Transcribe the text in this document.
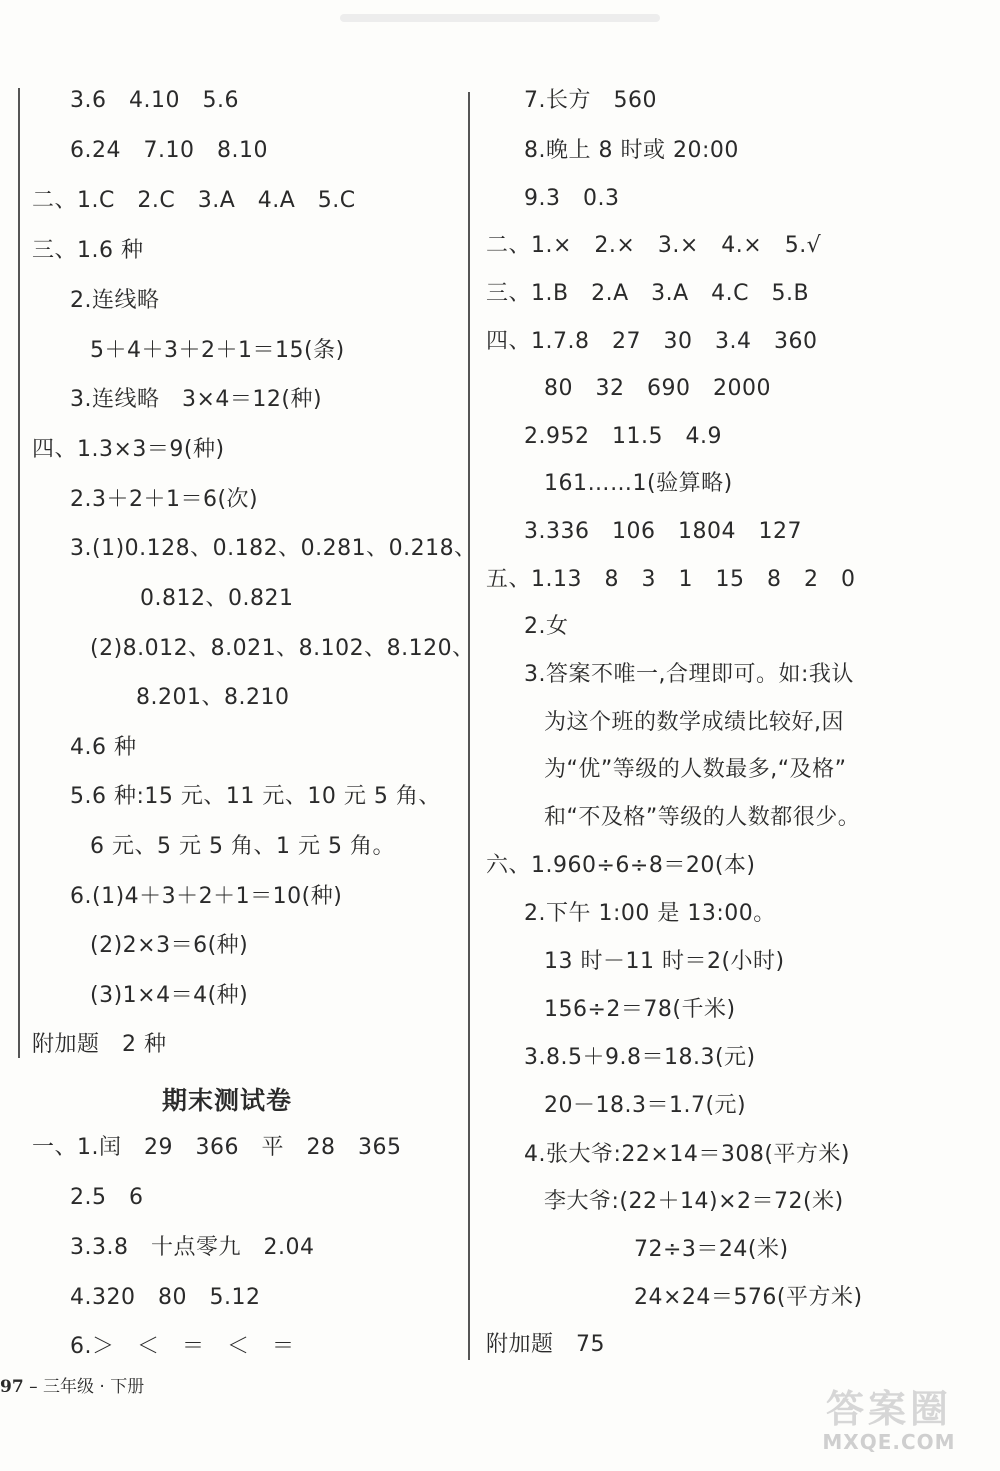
3.6　4.10　5.6
6.24　7.10　8.10
二、1.C　2.C　3.A　4.A　5.C
三、1.6 种
2.连线略
5＋4＋3＋2＋1＝15(条)
3.连线略　3×4＝12(种)
四、1.3×3＝9(种)
2.3＋2＋1＝6(次)
3.(1)0.128、0.182、0.281、0.218、
0.812、0.821
(2)8.012、8.021、8.102、8.120、
8.201、8.210
4.6 种
5.6 种:15 元、11 元、10 元 5 角、
6 元、5 元 5 角、1 元 5 角。
6.(1)4＋3＋2＋1＝10(种)
(2)2×3＝6(种)
(3)1×4＝4(种)
附加题　2 种
期末测试卷
一、1.闰　29　366　平　28　365
2.5　6
3.3.8　十点零九　2.04
4.320　80　5.12
6.＞　＜　＝　＜　＝
7.长方　560
8.晚上 8 时或 20:00
9.3　0.3
二、1.×　2.×　3.×　4.×　5.√
三、1.B　2.A　3.A　4.C　5.B
四、1.7.8　27　30　3.4　360
80　32　690　2000
2.952　11.5　4.9
161……1(验算略)
3.336　106　1804　127
五、1.13　8　3　1　15　8　2　0
2.女
3.答案不唯一,合理即可。如:我认
为这个班的数学成绩比较好,因
为“优”等级的人数最多,“及格”
和“不及格”等级的人数都很少。
六、1.960÷6÷8＝20(本)
2.下午 1:00 是 13:00。
13 时－11 时＝2(小时)
156÷2＝78(千米)
3.8.5＋9.8＝18.3(元)
20－18.3＝1.7(元)
4.张大爷:22×14＝308(平方米)
李大爷:(22＋14)×2＝72(米)
72÷3＝24(米)
24×24＝576(平方米)
附加题　75
97 – 三年级 · 下册	答案圈
MXQE.COM
